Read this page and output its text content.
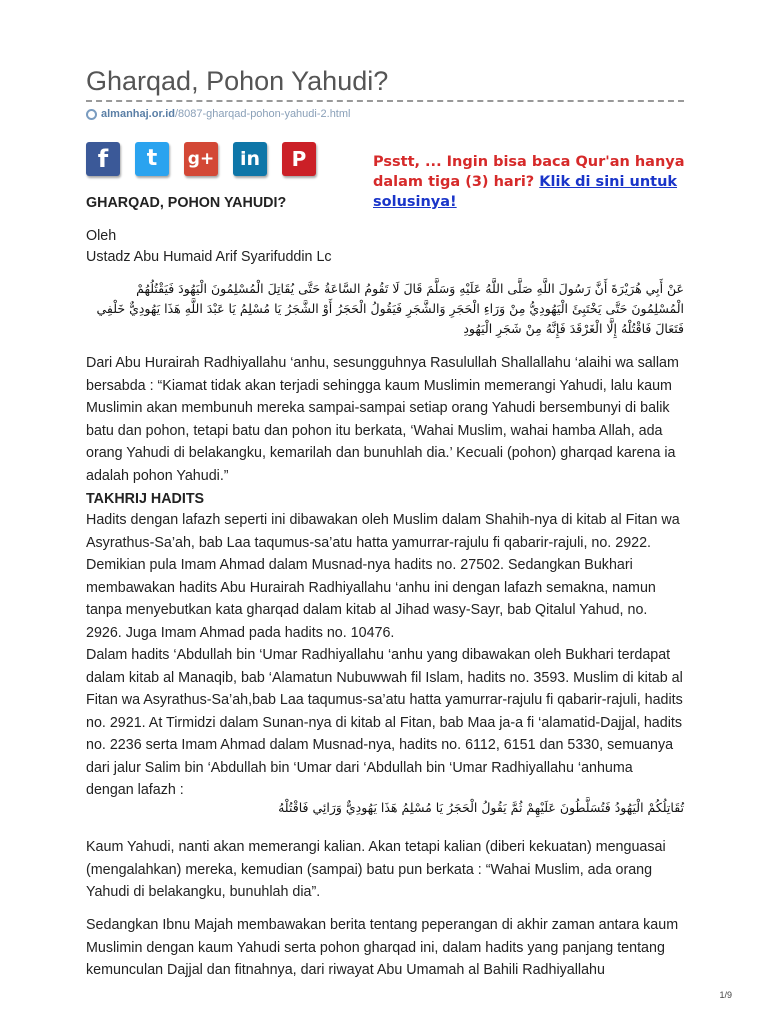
Gharqad, Pohon Yahudi?
almanhaj.or.id/8087-gharqad-pohon-yahudi-2.html
f	t	g+	in	P	Psstt, ... Ingin bisa baca Qur'an hanya dalam tiga (3) hari? Klik di sini untuk solusinya!
GHARQAD, POHON YAHUDI?
Oleh
Ustadz Abu Humaid Arif Syarifuddin Lc
عَنْ أَبِي هُرَيْرَةَ أَنَّ رَسُولَ اللَّهِ صَلَّى اللَّهُ عَلَيْهِ وَسَلَّمَ قَالَ لَا تَقُومُ السَّاعَةُ حَتَّى يُقَاتِلَ الْمُسْلِمُونَ الْيَهُودَ فَيَقْتُلُهُمْ الْمُسْلِمُونَ حَتَّى يَخْتَبِئَ الْيَهُودِيُّ مِنْ وَرَاءِ الْحَجَرِ وَالشَّجَرِ فَيَقُولُ الْحَجَرُ أَوْ الشَّجَرُ يَا مُسْلِمُ يَا عَبْدَ اللَّهِ هَذَا يَهُودِيٌّ خَلْفِي فَتَعَالَ فَاقْتُلْهُ إِلَّا الْغَرْقَدَ فَإِنَّهُ مِنْ شَجَرِ الْيَهُودِ
Dari Abu Hurairah Radhiyallahu ‘anhu, sesungguhnya Rasulullah Shallallahu ‘alaihi wa sallam bersabda : “Kiamat tidak akan terjadi sehingga kaum Muslimin memerangi Yahudi, lalu kaum Muslimin akan membunuh mereka sampai-sampai setiap orang Yahudi bersembunyi di balik batu dan pohon, tetapi batu dan pohon itu berkata, ‘Wahai Muslim, wahai hamba Allah, ada orang Yahudi di belakangku, kemarilah dan bunuhlah dia.’ Kecuali (pohon) gharqad karena ia adalah pohon Yahudi.”
TAKHRIJ HADITS
Hadits dengan lafazh seperti ini dibawakan oleh Muslim dalam Shahih-nya di kitab al Fitan wa Asyrathus-Sa’ah, bab Laa taqumus-sa’atu hatta yamurrar-rajulu fi qabarir-rajuli, no. 2922. Demikian pula Imam Ahmad dalam Musnad-nya hadits no. 27502. Sedangkan Bukhari membawakan hadits Abu Hurairah Radhiyallahu ‘anhu ini dengan lafazh semakna, namun tanpa menyebutkan kata gharqad dalam kitab al Jihad wasy-Sayr, bab Qitalul Yahud, no. 2926. Juga Imam Ahmad pada hadits no. 10476.
Dalam hadits ‘Abdullah bin ‘Umar Radhiyallahu ‘anhu yang dibawakan oleh Bukhari terdapat dalam kitab al Manaqib, bab ‘Alamatun Nubuwwah fil Islam, hadits no. 3593. Muslim di kitab al Fitan wa Asyrathus-Sa’ah,bab Laa taqumus-sa’atu hatta yamurrar-rajulu fi qabarir-rajuli, hadits no. 2921. At Tirmidzi dalam Sunan-nya di kitab al Fitan, bab Maa ja-a fi ‘alamatid-Dajjal, hadits no. 2236 serta Imam Ahmad dalam Musnad-nya, hadits no. 6112, 6151 dan 5330, semuanya dari jalur Salim bin ‘Abdullah bin ‘Umar dari ‘Abdullah bin ‘Umar Radhiyallahu ‘anhuma dengan lafazh :
تُقَاتِلُكُمْ الْيَهُودُ فَتُسَلَّطُونَ عَلَيْهِمْ ثُمَّ يَقُولُ الْحَجَرُ يَا مُسْلِمُ هَذَا يَهُودِيٌّ وَرَائِي فَاقْتُلْهُ
Kaum Yahudi, nanti akan memerangi kalian. Akan tetapi kalian (diberi kekuatan) menguasai (mengalahkan) mereka, kemudian (sampai) batu pun berkata : “Wahai Muslim, ada orang Yahudi di belakangku, bunuhlah dia”.
Sedangkan Ibnu Majah membawakan berita tentang peperangan di akhir zaman antara kaum Muslimin dengan kaum Yahudi serta pohon gharqad ini, dalam hadits yang panjang tentang kemunculan Dajjal dan fitnahnya, dari riwayat Abu Umamah al Bahili Radhiyallahu
1/9
